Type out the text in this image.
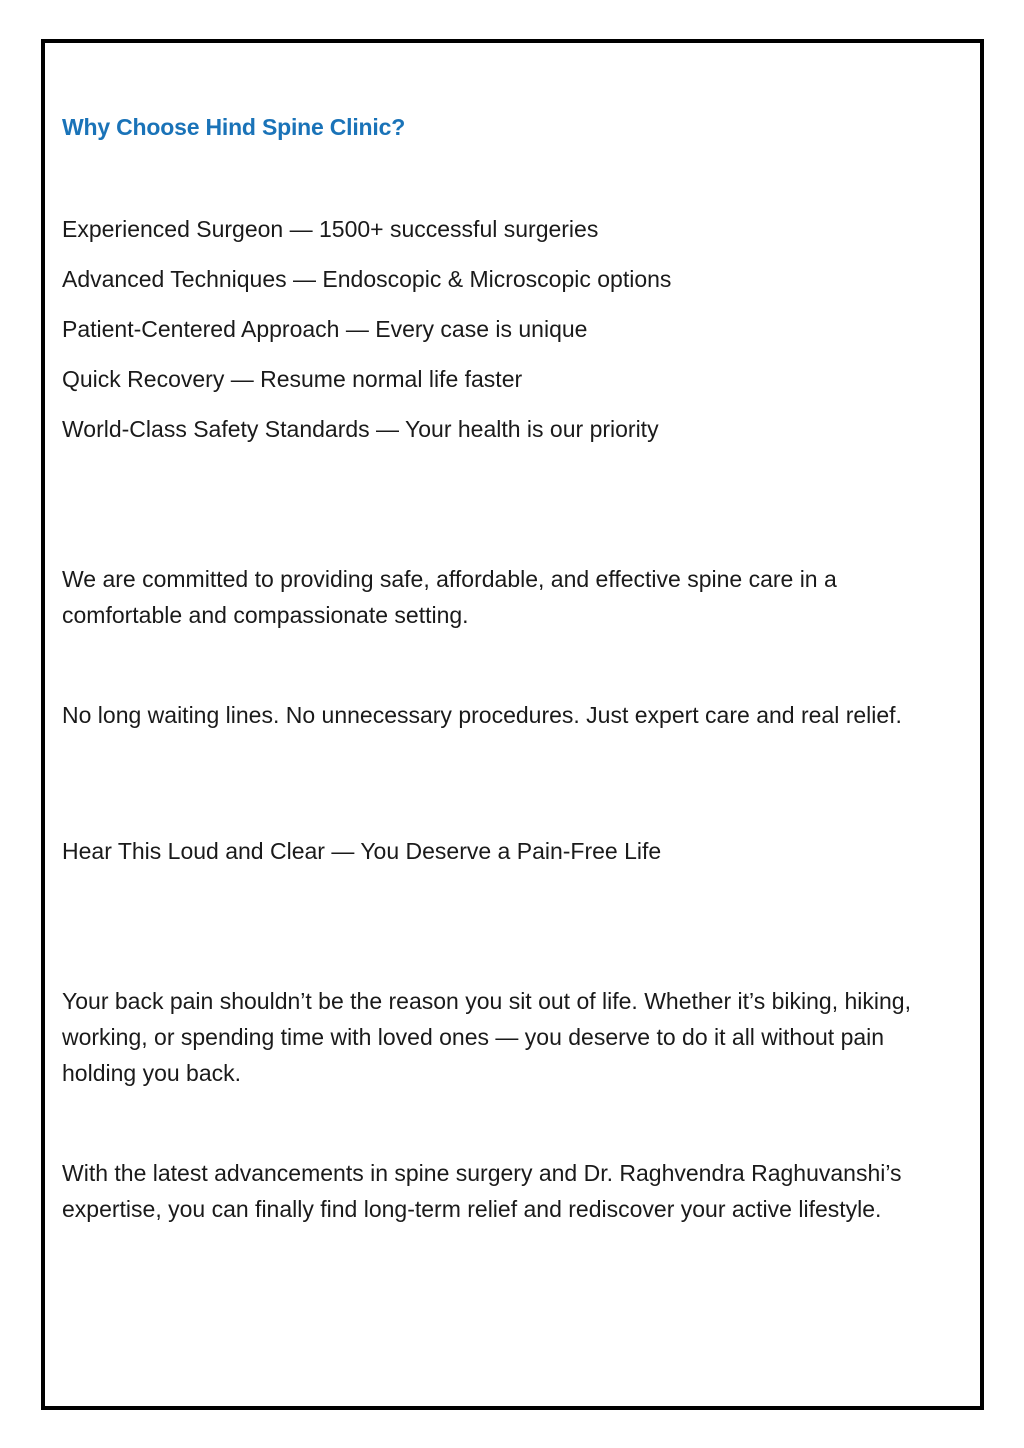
Why Choose Hind Spine Clinic?
Experienced Surgeon — 1500+ successful surgeries
Advanced Techniques — Endoscopic & Microscopic options
Patient-Centered Approach — Every case is unique
Quick Recovery — Resume normal life faster
World-Class Safety Standards — Your health is our priority

We are committed to providing safe, affordable, and effective spine care in a comfortable and compassionate setting.

No long waiting lines. No unnecessary procedures. Just expert care and real relief.

Hear This Loud and Clear — You Deserve a Pain-Free Life

Your back pain shouldn’t be the reason you sit out of life. Whether it’s biking, hiking, working, or spending time with loved ones — you deserve to do it all without pain holding you back.

With the latest advancements in spine surgery and Dr. Raghvendra Raghuvanshi’s expertise, you can finally find long-term relief and rediscover your active lifestyle.
